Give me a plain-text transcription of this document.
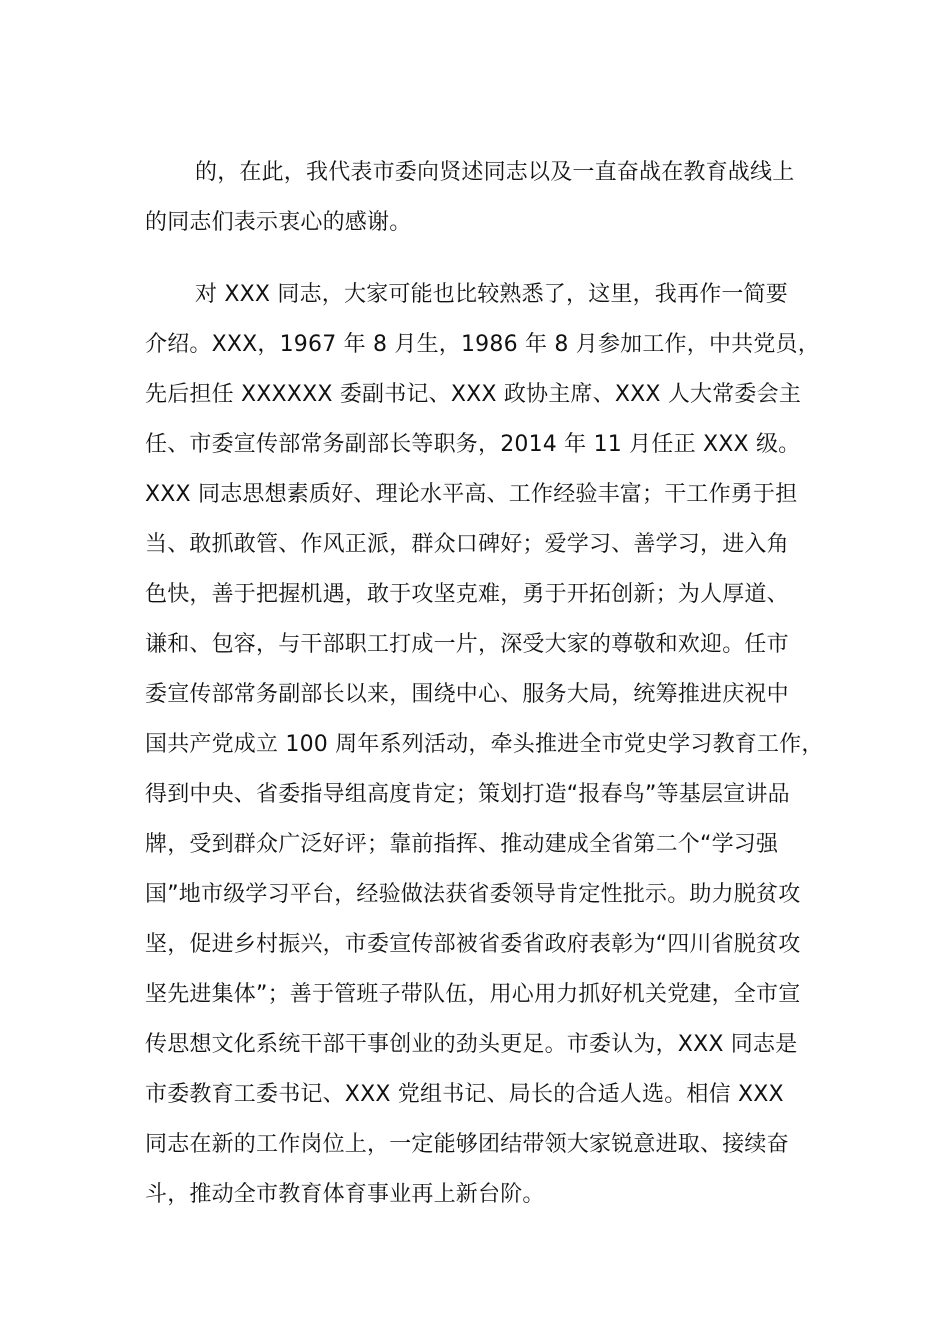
的，在此，我代表市委向贤述同志以及一直奋战在教育战线上
的同志们表示衷心的感谢。
对 XXX 同志，大家可能也比较熟悉了，这里，我再作一简要
介绍。XXX，1967 年 8 月生，1986 年 8 月参加工作，中共党员，
先后担任 XXXXXX 委副书记、XXX 政协主席、XXX 人大常委会主
任、市委宣传部常务副部长等职务，2014 年 11 月任正 XXX 级。
XXX 同志思想素质好、理论水平高、工作经验丰富；干工作勇于担
当、敢抓敢管、作风正派，群众口碑好；爱学习、善学习，进入角
色快，善于把握机遇，敢于攻坚克难，勇于开拓创新；为人厚道、
谦和、包容，与干部职工打成一片，深受大家的尊敬和欢迎。任市
委宣传部常务副部长以来，围绕中心、服务大局，统筹推进庆祝中
国共产党成立 100 周年系列活动，牵头推进全市党史学习教育工作，
得到中央、省委指导组高度肯定；策划打造“报春鸟”等基层宣讲品
牌，受到群众广泛好评；靠前指挥、推动建成全省第二个“学习强
国”地市级学习平台，经验做法获省委领导肯定性批示。助力脱贫攻
坚，促进乡村振兴，市委宣传部被省委省政府表彰为“四川省脱贫攻
坚先进集体”；善于管班子带队伍，用心用力抓好机关党建，全市宣
传思想文化系统干部干事创业的劲头更足。市委认为，XXX 同志是
市委教育工委书记、XXX 党组书记、局长的合适人选。相信 XXX
同志在新的工作岗位上，一定能够团结带领大家锐意进取、接续奋
斗，推动全市教育体育事业再上新台阶。
